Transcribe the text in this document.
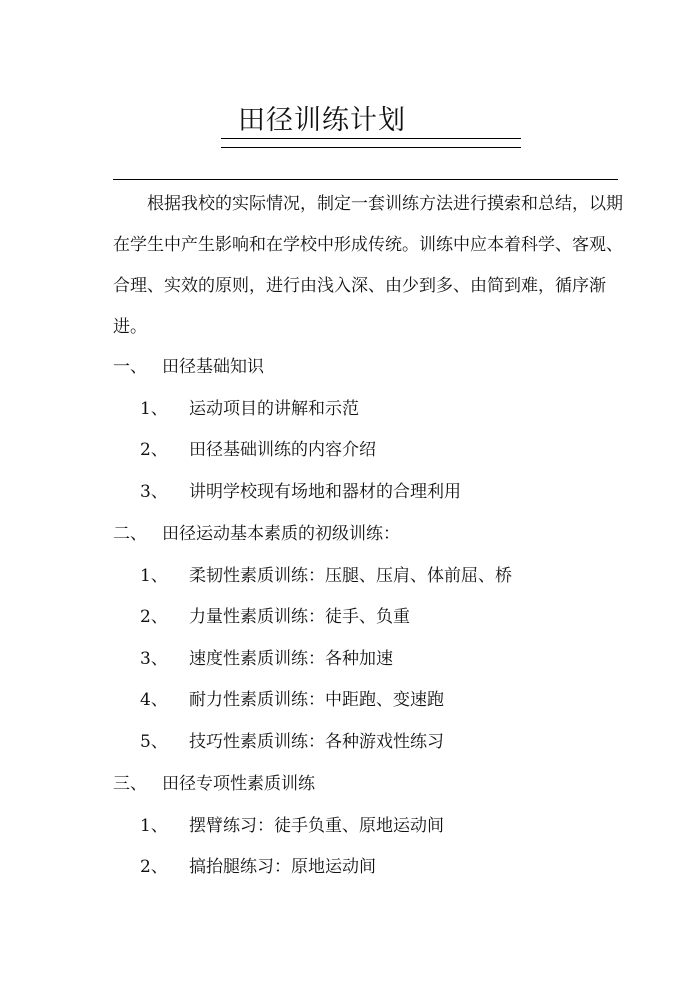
田径训练计划

根据我校的实际情况，制定一套训练方法进行摸索和总结，以期在学生中产生影响和在学校中形成传统。训练中应本着科学、客观、合理、实效的原则，进行由浅入深、由少到多、由简到难，循序渐进。

一、 田径基础知识
1、 运动项目的讲解和示范
2、 田径基础训练的内容介绍
3、 讲明学校现有场地和器材的合理利用
二、 田径运动基本素质的初级训练：
1、 柔韧性素质训练：压腿、压肩、体前屈、桥
2、 力量性素质训练：徒手、负重
3、 速度性素质训练：各种加速
4、 耐力性素质训练：中距跑、变速跑
5、 技巧性素质训练：各种游戏性练习
三、 田径专项性素质训练
1、 摆臂练习：徒手负重、原地运动间
2、 搞抬腿练习：原地运动间
